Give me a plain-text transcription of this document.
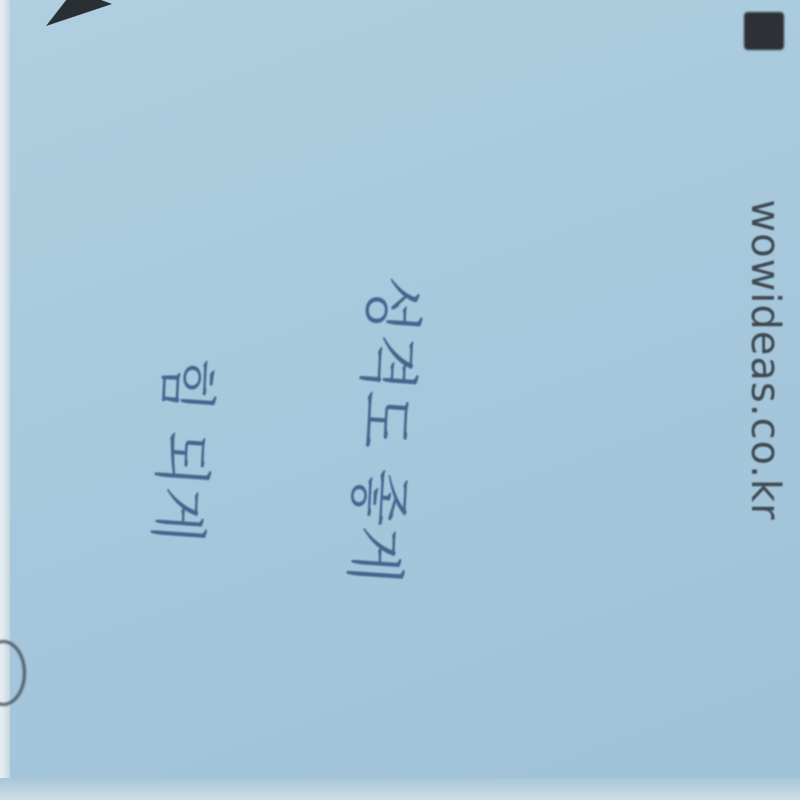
힘 되게 성격도 좋게	wowideas.co.kr
